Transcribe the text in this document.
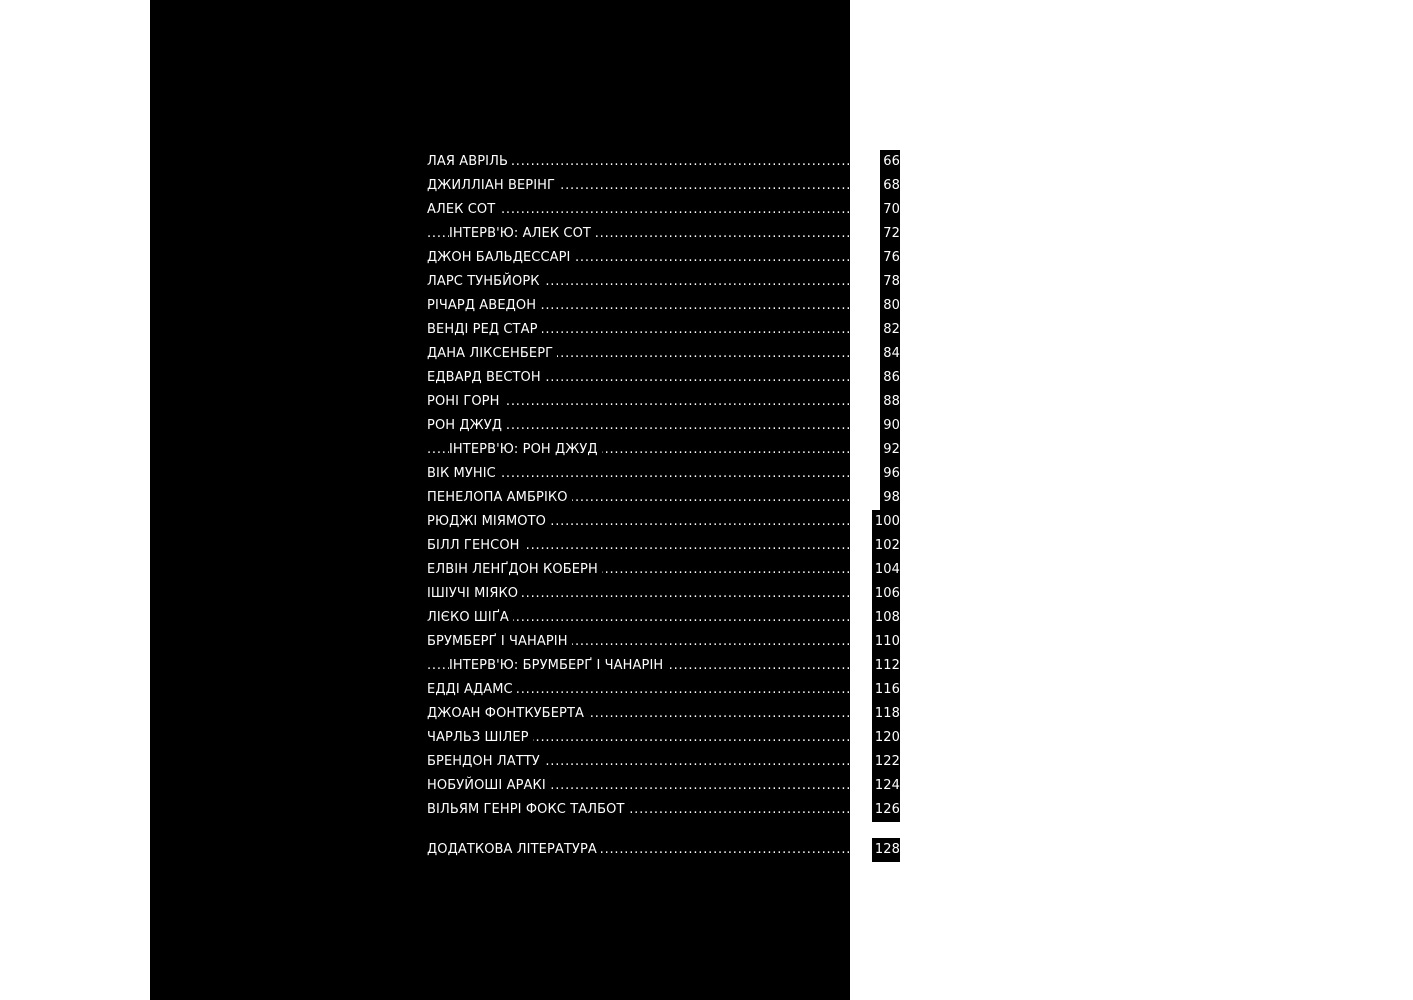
.....
ЛАЯ АВРІЛЬ	66
.....
ДЖИЛЛІАН ВЕРІНГ	68
.....
АЛЕК СОТ	70
.....
ІНТЕРВ'Ю: АЛЕК СОТ	72
.....
ДЖОН БАЛЬДЕССАРІ	76
.....
ЛАРС ТУНБЙОРК	78
.....
РІЧАРД АВЕДОН	80
.....
ВЕНДІ РЕД СТАР	82
.....
ДАНА ЛІКСЕНБЕРГ	84
.....
ЕДВАРД ВЕСТОН	86
.....
РОНІ ГОРН	88
.....
РОН ДЖУД	90
.....
ІНТЕРВ'Ю: РОН ДЖУД	92
.....
ВІК МУНІС	96
.....
ПЕНЕЛОПА АМБРІКО	98
.....
РЮДЖІ МІЯМОТО	100
.....
БІЛЛ ГЕНСОН	102
.....
ЕЛВІН ЛЕНҐДОН КОБЕРН	104
.....
ІШІУЧІ МІЯКО	106
.....
ЛІЄКО ШІҐА	108
.....
БРУМБЕРҐ І ЧАНАРІН	110
.....
ІНТЕРВ'Ю: БРУМБЕРҐ І ЧАНАРІН	112
.....
ЕДДІ АДАМС	116
.....
ДЖОАН ФОНТКУБЕРТА	118
.....
ЧАРЛЬЗ ШІЛЕР	120
.....
БРЕНДОН ЛАТТУ	122
.....
НОБУЙОШІ АРАКІ	124
.....
ВІЛЬЯМ ГЕНРІ ФОКС ТАЛБОТ	126
.....
ДОДАТКОВА ЛІТЕРАТУРА	128
